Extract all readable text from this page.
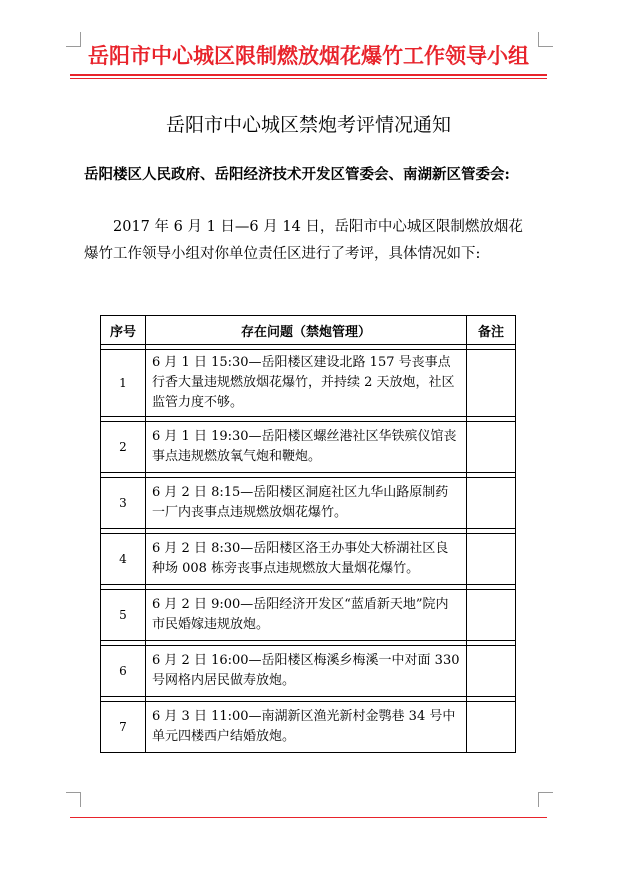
岳阳市中心城区限制燃放烟花爆竹工作领导小组
岳阳市中心城区禁炮考评情况通知
岳阳楼区人民政府、岳阳经济技术开发区管委会、南湖新区管委会:
2017 年 6 月 1 日—6 月 14 日，岳阳市中心城区限制燃放烟花爆竹工作领导小组对你单位责任区进行了考评，具体情况如下:
序号	存在问题（禁炮管理）	备注

1	6 月 1 日 15:30—岳阳楼区建设北路 157 号丧事点行香大量违规燃放烟花爆竹，并持续 2 天放炮，社区监管力度不够。	

2	6 月 1 日 19:30—岳阳楼区螺丝港社区华铁殡仪馆丧事点违规燃放氧气炮和鞭炮。	

3	6 月 2 日 8:15—岳阳楼区洞庭社区九华山路原制药一厂内丧事点违规燃放烟花爆竹。	

4	6 月 2 日 8:30—岳阳楼区洛王办事处大桥湖社区良种场 008 栋旁丧事点违规燃放大量烟花爆竹。	

5	6 月 2 日 9:00—岳阳经济开发区“蓝盾新天地”院内市民婚嫁违规放炮。	

6	6 月 2 日 16:00—岳阳楼区梅溪乡梅溪一中对面 330 号网格内居民做寿放炮。	

7	6 月 3 日 11:00—南湖新区渔光新村金鹗巷 34 号中单元四楼西户结婚放炮。	
